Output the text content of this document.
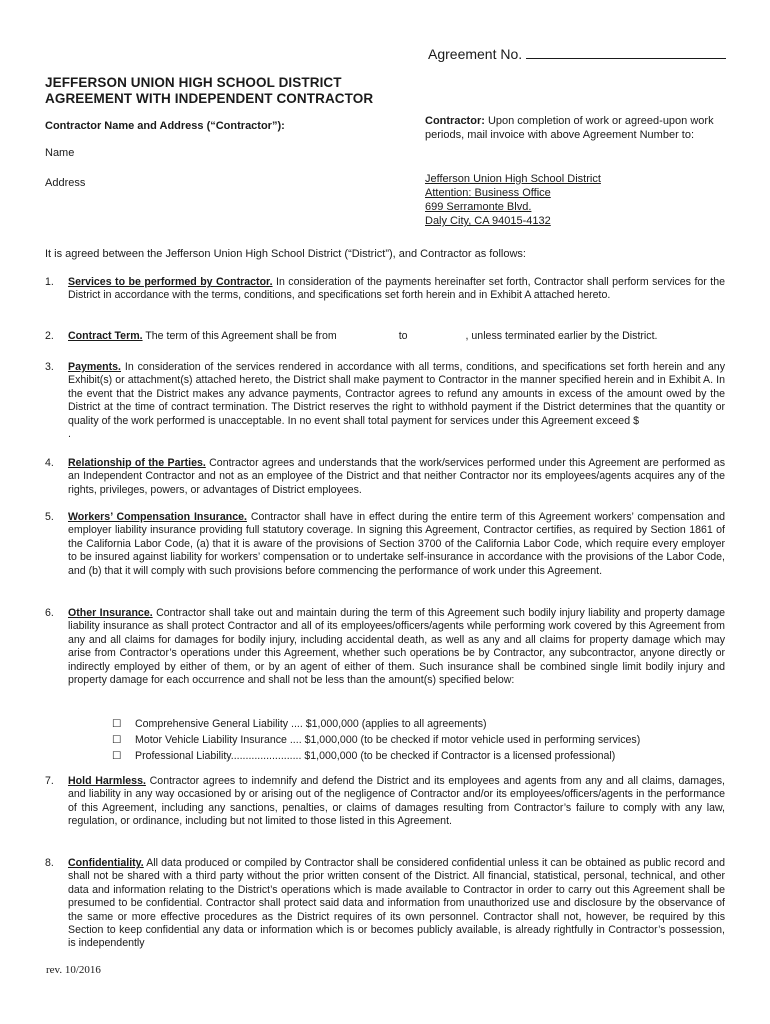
Agreement No.
JEFFERSON UNION HIGH SCHOOL DISTRICT
AGREEMENT WITH INDEPENDENT CONTRACTOR
Contractor Name and Address (“Contractor”):
Name
Address
Contractor: Upon completion of work or agreed-upon work periods, mail invoice with above Agreement Number to:
Jefferson Union High School District
Attention: Business Office
699 Serramonte Blvd.
Daly City, CA 94015-4132
It is agreed between the Jefferson Union High School District (“District”), and Contractor as follows:
1. Services to be performed by Contractor. In consideration of the payments hereinafter set forth, Contractor shall perform services for the District in accordance with the terms, conditions, and specifications set forth herein and in Exhibit A attached hereto.
2. Contract Term. The term of this Agreement shall be from	to	, unless terminated earlier by the District.
3. Payments. In consideration of the services rendered in accordance with all terms, conditions, and specifications set forth herein and any Exhibit(s) or attachment(s) attached hereto, the District shall make payment to Contractor in the manner specified herein and in Exhibit A. In the event that the District makes any advance payments, Contractor agrees to refund any amounts in excess of the amount owed by the District at the time of contract termination. The District reserves the right to withhold payment if the District determines that the quantity or quality of the work performed is unacceptable. In no event shall total payment for services under this Agreement exceed $.
4. Relationship of the Parties. Contractor agrees and understands that the work/services performed under this Agreement are performed as an Independent Contractor and not as an employee of the District and that neither Contractor nor its employees/agents acquires any of the rights, privileges, powers, or advantages of District employees.
5. Workers’ Compensation Insurance. Contractor shall have in effect during the entire term of this Agreement workers’ compensation and employer liability insurance providing full statutory coverage. In signing this Agreement, Contractor certifies, as required by Section 1861 of the California Labor Code, (a) that it is aware of the provisions of Section 3700 of the California Labor Code, which require every employer to be insured against liability for workers’ compensation or to undertake self-insurance in accordance with the provisions of the Labor Code, and (b) that it will comply with such provisions before commencing the performance of work under this Agreement.
6. Other Insurance. Contractor shall take out and maintain during the term of this Agreement such bodily injury liability and property damage liability insurance as shall protect Contractor and all of its employees/officers/agents while performing work covered by this Agreement from any and all claims for damages for bodily injury, including accidental death, as well as any and all claims for property damage which may arise from Contractor’s operations under this Agreement, whether such operations be by Contractor, any subcontractor, anyone directly or indirectly employed by either of them, or by an agent of either of them. Such insurance shall be combined single limit bodily injury and property damage for each occurrence and shall not be less than the amount(s) specified below:
☐ Comprehensive General Liability .... $1,000,000 (applies to all agreements)
☐ Motor Vehicle Liability Insurance .... $1,000,000 (to be checked if motor vehicle used in performing services)
☐ Professional Liability........................ $1,000,000 (to be checked if Contractor is a licensed professional)
7. Hold Harmless. Contractor agrees to indemnify and defend the District and its employees and agents from any and all claims, damages, and liability in any way occasioned by or arising out of the negligence of Contractor and/or its employees/officers/agents in the performance of this Agreement, including any sanctions, penalties, or claims of damages resulting from Contractor’s failure to comply with any law, regulation, or ordinance, including but not limited to those listed in this Agreement.
8. Confidentiality. All data produced or compiled by Contractor shall be considered confidential unless it can be obtained as public record and shall not be shared with a third party without the prior written consent of the District. All financial, statistical, personal, technical, and other data and information relating to the District’s operations which is made available to Contractor in order to carry out this Agreement shall be presumed to be confidential. Contractor shall protect said data and information from unauthorized use and disclosure by the observance of the same or more effective procedures as the District requires of its own personnel. Contractor shall not, however, be required by this Section to keep confidential any data or information which is or becomes publicly available, is already rightfully in Contractor’s possession, is independently
rev. 10/2016
